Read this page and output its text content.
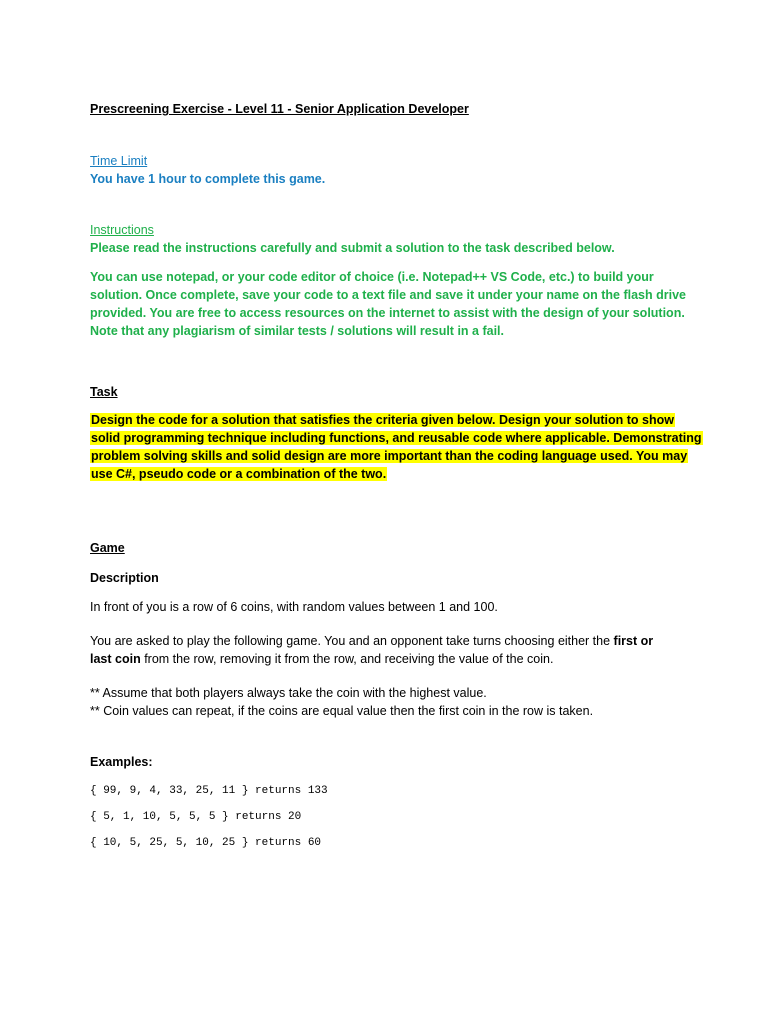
Prescreening Exercise - Level 11 - Senior Application Developer
Time Limit
You have 1 hour to complete this game.
Instructions
Please read the instructions carefully and submit a solution to the task described below.
You can use notepad, or your code editor of choice (i.e. Notepad++ VS Code, etc.) to build your
solution. Once complete, save your code to a text file and save it under your name on the flash drive
provided. You are free to access resources on the internet to assist with the design of your solution.
Note that any plagiarism of similar tests / solutions will result in a fail.
Task
Design the code for a solution that satisfies the criteria given below. Design your solution to show
solid programming technique including functions, and reusable code where applicable. Demonstrating
problem solving skills and solid design are more important than the coding language used. You may
use C#, pseudo code or a combination of the two.
Game
Description
In front of you is a row of 6 coins, with random values between 1 and 100.
You are asked to play the following game. You and an opponent take turns choosing either the first or
last coin from the row, removing it from the row, and receiving the value of the coin.
** Assume that both players always take the coin with the highest value.
** Coin values can repeat, if the coins are equal value then the first coin in the row is taken.
Examples:
{ 99, 9, 4, 33, 25, 11 } returns 133
{ 5, 1, 10, 5, 5, 5 } returns 20
{ 10, 5, 25, 5, 10, 25 } returns 60
